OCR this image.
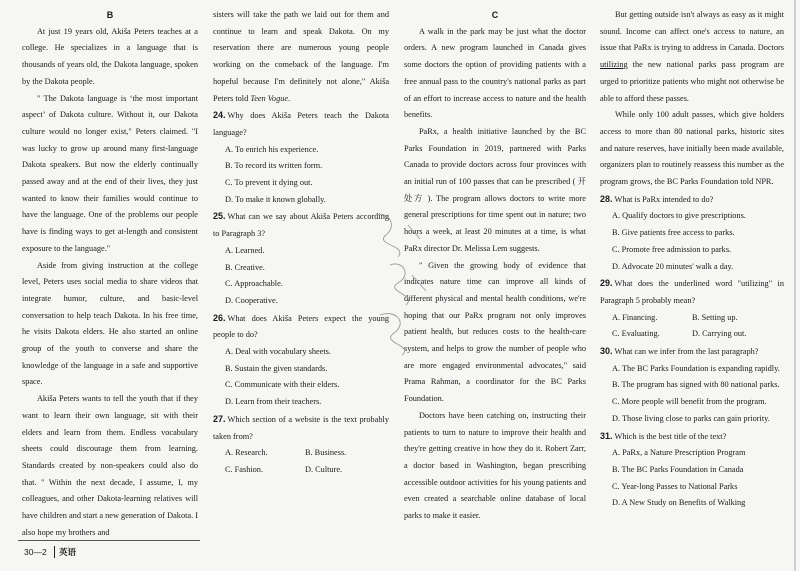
B

At just 19 years old, Akiša Peters teaches at a college. He specializes in a language that is thousands of years old, the Dakota language, spoken by the Dakota people.

" The Dakota language is ‘the most important aspect’ of Dakota culture. Without it, our Dakota culture would no longer exist," Peters claimed. "I was lucky to grow up around many first-language Dakota speakers. But now the elderly continually passed away and at the end of their lives, they just wanted to know their families would continue to have the language. One of the problems our people have is finding ways to get at-length and consistent exposure to the language."

Aside from giving instruction at the college level, Peters uses social media to share videos that integrate humor, culture, and basic-level conversation to help teach Dakota. In his free time, he visits Dakota elders. He also started an online group of the youth to converse and share the knowledge of the language in a safe and supportive space.

Akiša Peters wants to tell the youth that if they want to learn their own language, sit with their elders and learn from them. Endless vocabulary sheets could discourage them from learning. Standards created by non-speakers could also do that. " Within the next decade, I assume, I, my colleagues, and other Dakota-learning relatives will have children and start a new generation of Dakota. I also hope my brothers and

sisters will take the path we laid out for them and continue to learn and speak Dakota. On my reservation there are numerous young people working on the comeback of the language. I'm hopeful because I'm definitely not alone," Akiša Peters told Teen Vogue.

24. Why does Akiša Peters teach the Dakota language?

A. To enrich his experience.

B. To record its written form.

C. To prevent it dying out.

D. To make it known globally.

25. What can we say about Akiša Peters according to Paragraph 3?

A. Learned.

B. Creative.

C. Approachable.

D. Cooperative.

26. What does Akiša Peters expect the young people to do?

A. Deal with vocabulary sheets.

B. Sustain the given standards.

C. Communicate with their elders.

D. Learn from their teachers.

27. Which section of a website is the text probably taken from?

A. Research.	B. Business.
C. Fashion.	D. Culture.
C

A walk in the park may be just what the doctor orders. A new program launched in Canada gives some doctors the option of providing patients with a free annual pass to the country's national parks as part of an effort to increase access to nature and the health benefits.

PaRx, a health initiative launched by the BC Parks Foundation in 2019, partnered with Parks Canada to provide doctors across four provinces with an initial run of 100 passes that can be prescribed ( 开处方 ). The program allows doctors to write more general prescriptions for time spent out in nature; two hours a week, at least 20 minutes at a time, is what PaRx director Dr. Melissa Lem suggests.

" Given the growing body of evidence that indicates nature time can improve all kinds of different physical and mental health conditions, we're hoping that our PaRx program not only improves patient health, but reduces costs to the health-care system, and helps to grow the number of people who are more engaged environmental advocates," said Prama Rahman, a coordinator for the BC Parks Foundation.

Doctors have been catching on, instructing their patients to turn to nature to improve their health and they're getting creative in how they do it. Robert Zarr, a doctor based in Washington, began prescribing accessible outdoor activities for his young patients and even created a searchable online database of local parks to make it easier.

But getting outside isn't always as easy as it might sound. Income can affect one's access to nature, an issue that PaRx is trying to address in Canada. Doctors utilizing the new national parks pass program are urged to prioritize patients who might not otherwise be able to afford these passes.

While only 100 adult passes, which give holders access to more than 80 national parks, historic sites and nature reserves, have initially been made available, organizers plan to routinely reassess this number as the program grows, the BC Parks Foundation told NPR.

28. What is PaRx intended to do?

A. Qualify doctors to give prescriptions.

B. Give patients free access to parks.

C. Promote free admission to parks.

D. Advocate 20 minutes' walk a day.

29. What does the underlined word "utilizing" in Paragraph 5 probably mean?

A. Financing.	B. Setting up.
C. Evaluating.	D. Carrying out.

30. What can we infer from the last paragraph?

A. The BC Parks Foundation is expanding rapidly.

B. The program has signed with 80 national parks.

C. More people will benefit from the program.

D. Those living close to parks can gain priority.

31. Which is the best title of the text?

A. PaRx, a Nature Prescription Program

B. The BC Parks Foundation in Canada

C. Year-long Passes to National Parks

D. A New Study on Benefits of Walking

30—2	英语
